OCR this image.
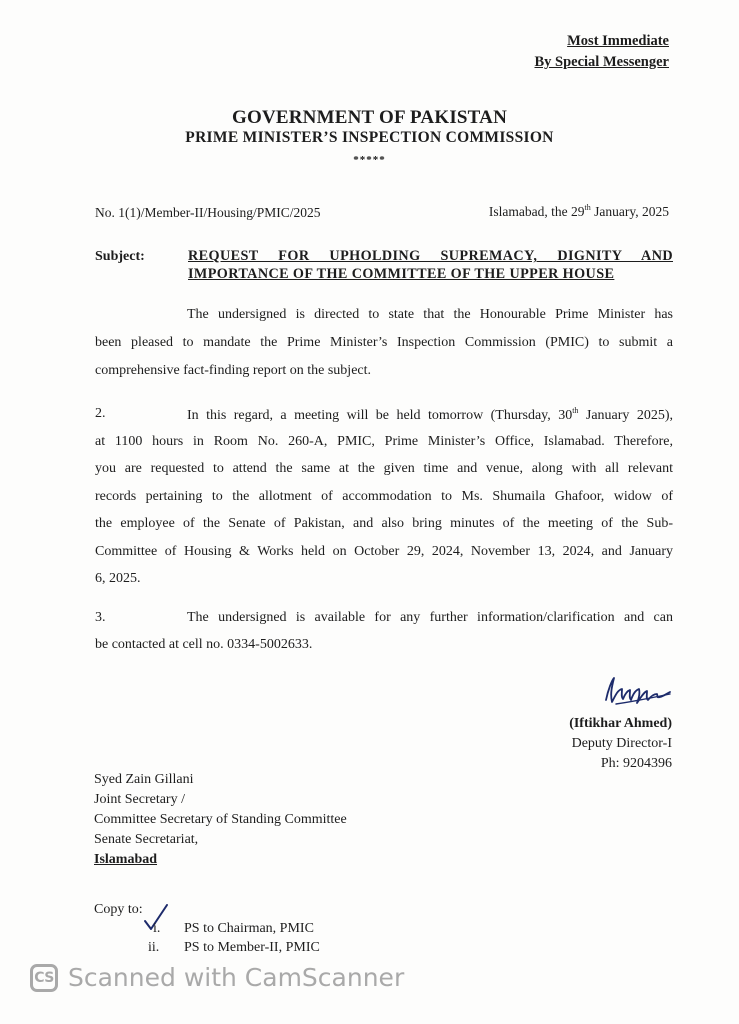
Most Immediate
By Special Messenger
GOVERNMENT OF PAKISTAN
PRIME MINISTER’S INSPECTION COMMISSION
*****
No. 1(1)/Member-II/Housing/PMIC/2025	Islamabad, the 29th January, 2025
Subject:	REQUEST FOR UPHOLDING SUPREMACY, DIGNITY AND
IMPORTANCE OF THE COMMITTEE OF THE UPPER HOUSE
The undersigned is directed to state that the Honourable Prime Minister has
been pleased to mandate the Prime Minister’s Inspection Commission (PMIC) to submit a
comprehensive fact-finding report on the subject.
2.	In this regard, a meeting will be held tomorrow (Thursday, 30th January 2025),
at 1100 hours in Room No. 260-A, PMIC, Prime Minister’s Office, Islamabad. Therefore,
you are requested to attend the same at the given time and venue, along with all relevant
records pertaining to the allotment of accommodation to Ms. Shumaila Ghafoor, widow of
the employee of the Senate of Pakistan, and also bring minutes of the meeting of the Sub-
Committee of Housing & Works held on October 29, 2024, November 13, 2024, and January
6, 2025.
3.	The undersigned is available for any further information/clarification and can
be contacted at cell no. 0334-5002633.
(Iftikhar Ahmed)
Deputy Director-I
Ph: 9204396
Syed Zain Gillani
Joint Secretary /
Committee Secretary of Standing Committee
Senate Secretariat,
Islamabad
Copy to:
i. PS to Chairman, PMIC
ii. PS to Member-II, PMIC
CS Scanned with CamScanner
